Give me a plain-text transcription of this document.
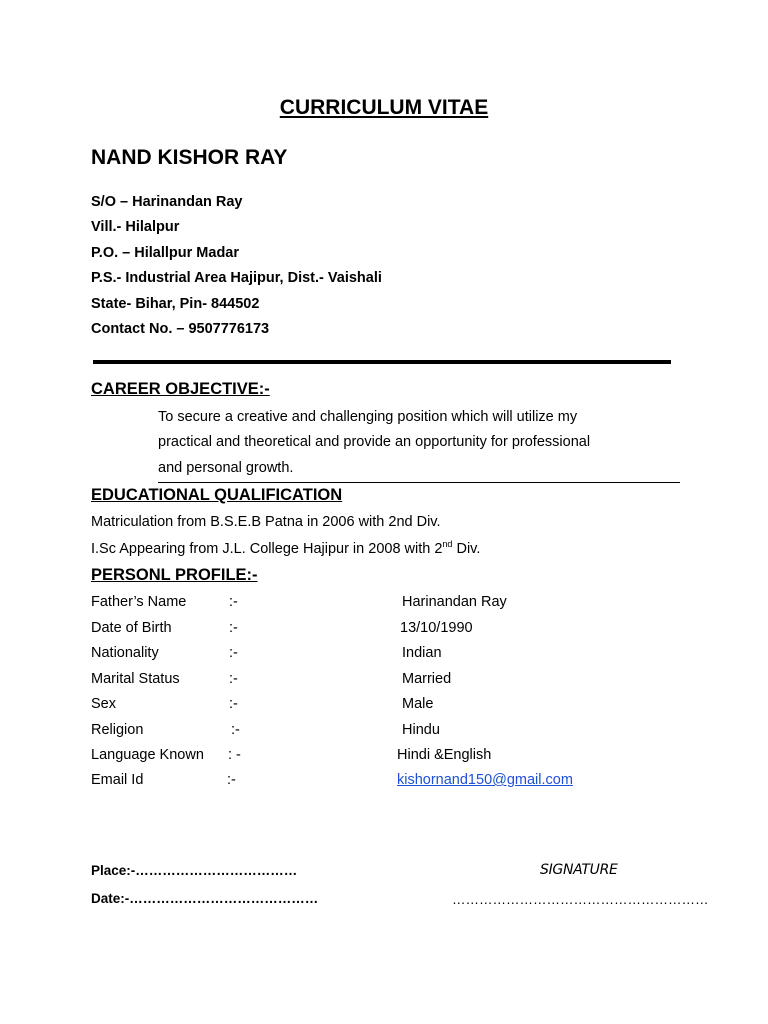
CURRICULUM VITAE
NAND KISHOR RAY
S/O – Harinandan Ray
Vill.- Hilalpur
P.O. – Hilallpur Madar
P.S.- Industrial Area Hajipur, Dist.- Vaishali
State- Bihar, Pin- 844502
Contact No. – 9507776173
CAREER OBJECTIVE:-
To secure a creative and challenging position which will utilize my
practical and theoretical and provide an opportunity for professional
and personal growth.
EDUCATIONAL QUALIFICATION
Matriculation from B.S.E.B Patna in 2006 with 2nd Div.
I.Sc Appearing from J.L. College Hajipur in 2008 with 2nd Div.
PERSONL PROFILE:-
Father’s Name	:-	Harinandan Ray
Date of Birth	:-	13/10/1990
Nationality	:-	Indian
Marital Status	:-	Married
Sex	:-	Male
Religion	:-	Hindu
Language Known : -	Hindi &English
Email Id	:-	kishornand150@gmail.com
Place:-………………………………
Date:-……………………………………
SIGNATURE
…………………………………………………
